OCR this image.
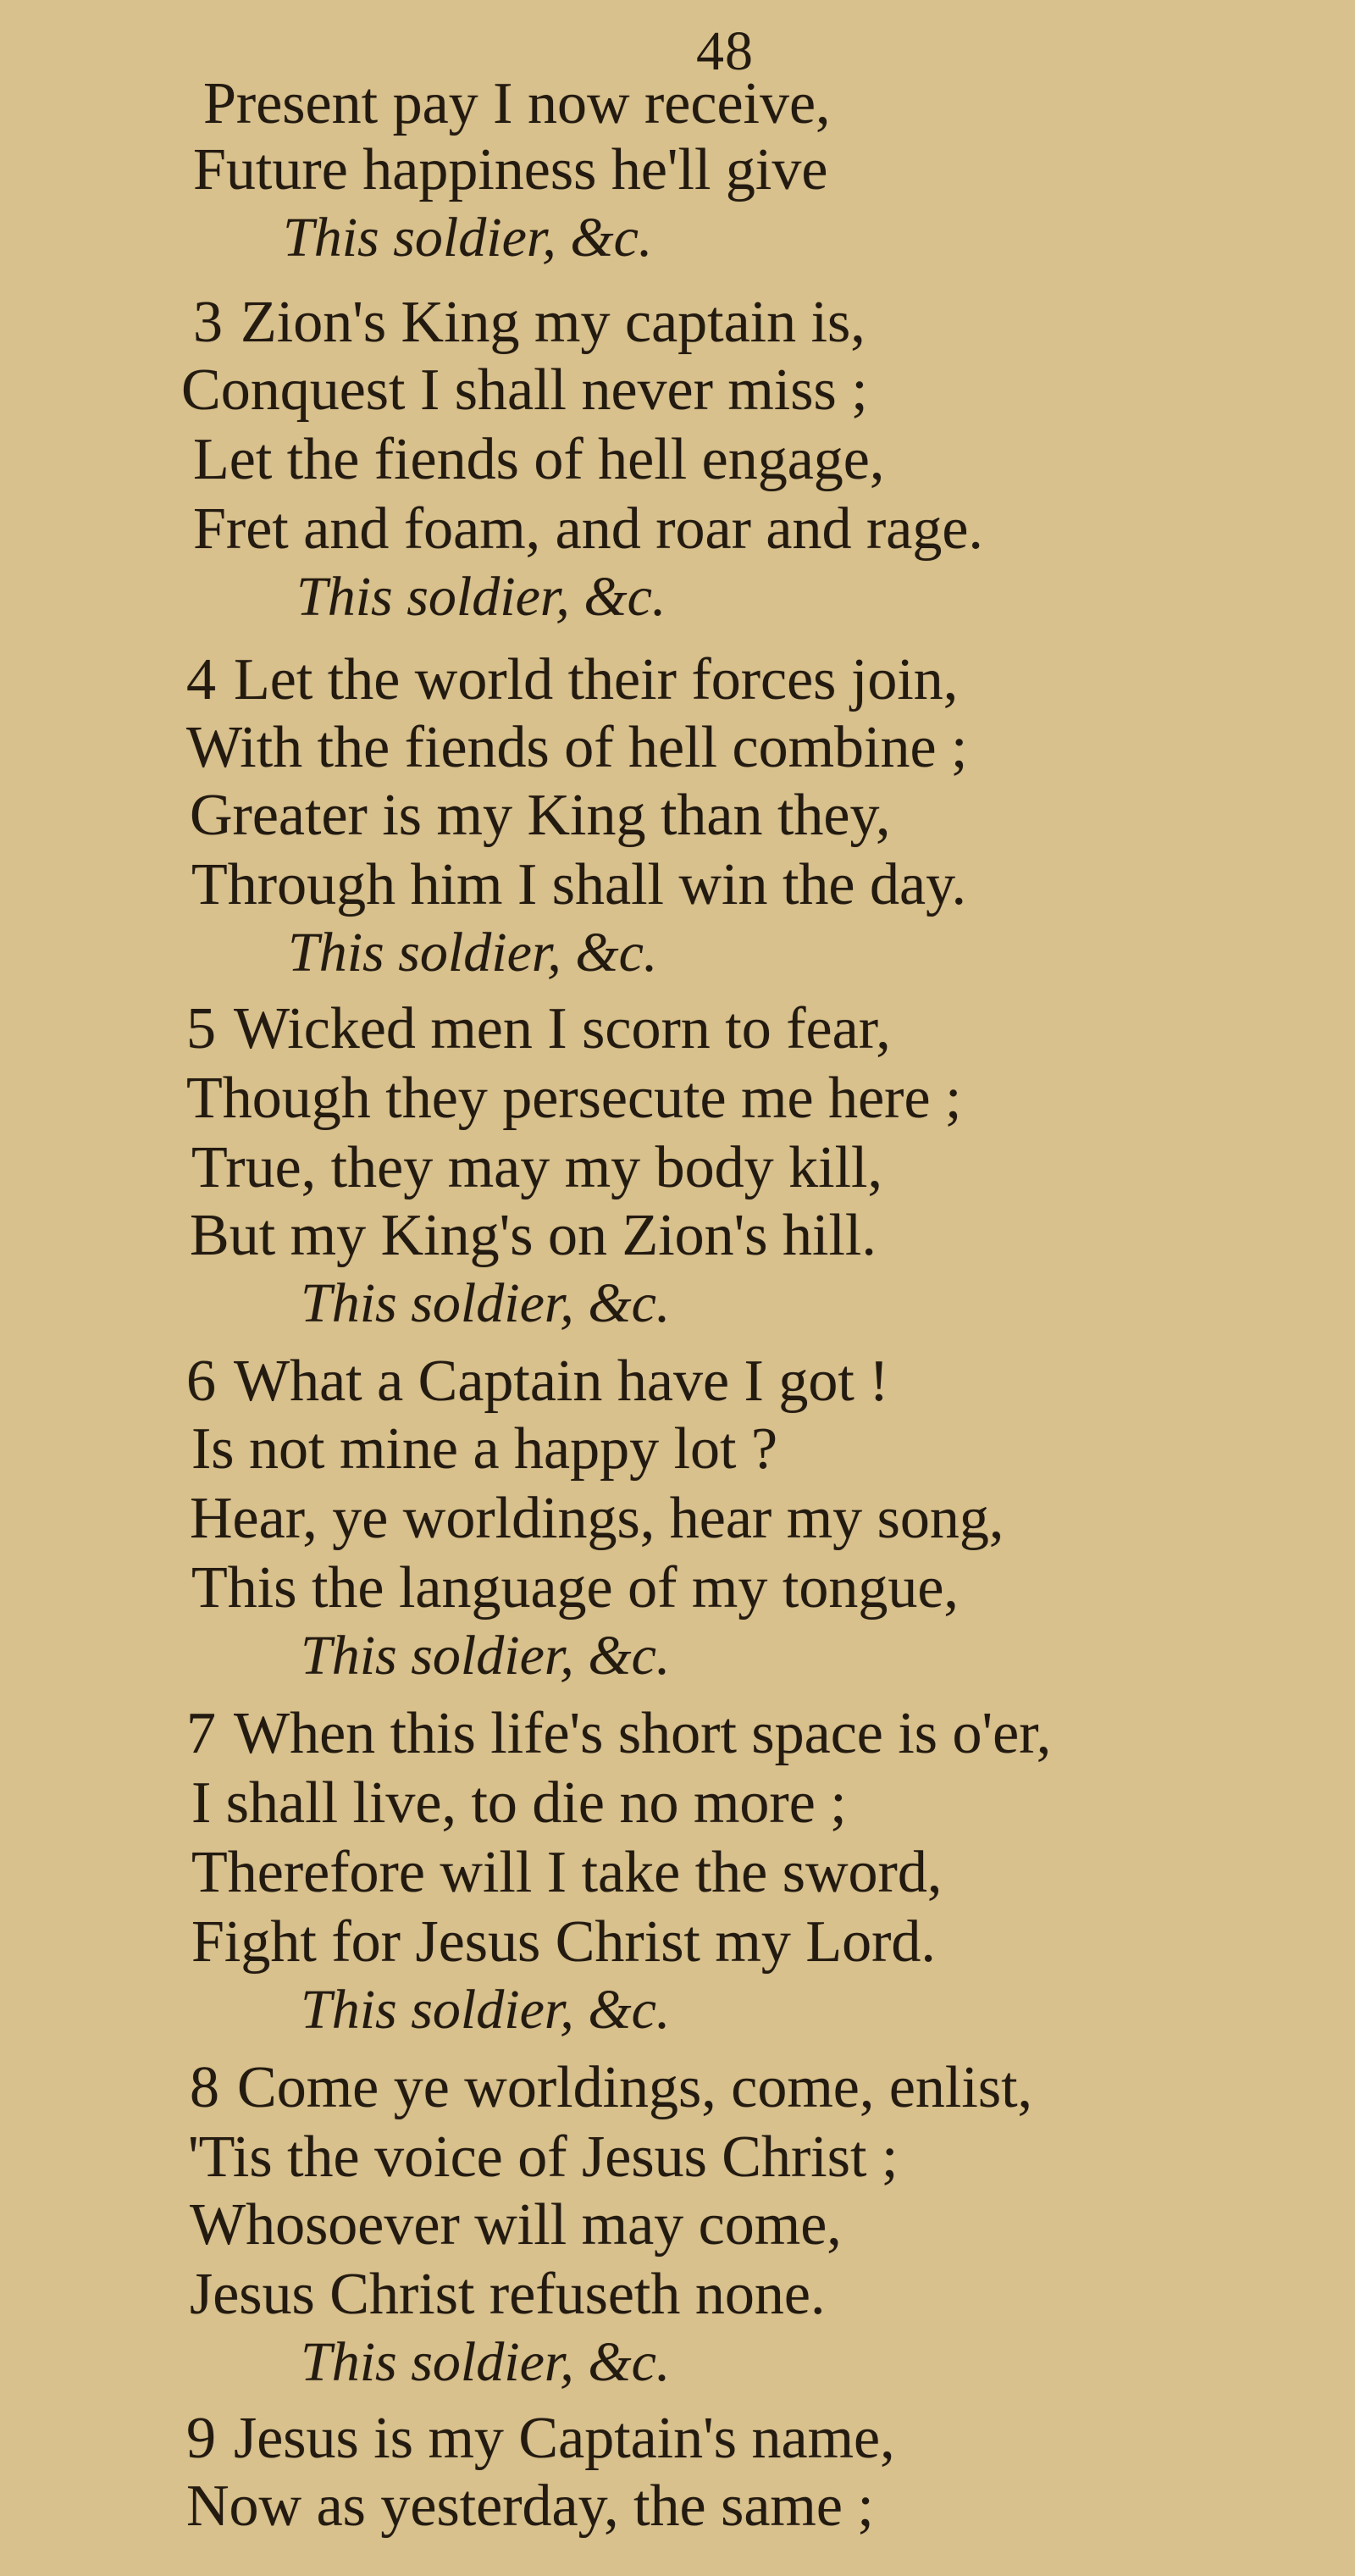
48
Present pay I now receive,
Future happiness he'll give
This soldier, &c.
3 Zion's King my captain is,
Conquest I shall never miss ;
Let the fiends of hell engage,
Fret and foam, and roar and rage.
This soldier, &c.
4 Let the world their forces join,
With the fiends of hell combine ;
Greater is my King than they,
Through him I shall win the day.
This soldier, &c.
5 Wicked men I scorn to fear,
Though they persecute me here ;
True, they may my body kill,
But my King's on Zion's hill.
This soldier, &c.
6 What a Captain have I got !
Is not mine a happy lot ?
Hear, ye worldings, hear my song,
This the language of my tongue,
This soldier, &c.
7 When this life's short space is o'er,
I shall live, to die no more ;
Therefore will I take the sword,
Fight for Jesus Christ my Lord.
This soldier, &c.
8 Come ye worldings, come, enlist,
'Tis the voice of Jesus Christ ;
Whosoever will may come,
Jesus Christ refuseth none.
This soldier, &c.
9 Jesus is my Captain's name,
Now as yesterday, the same ;
